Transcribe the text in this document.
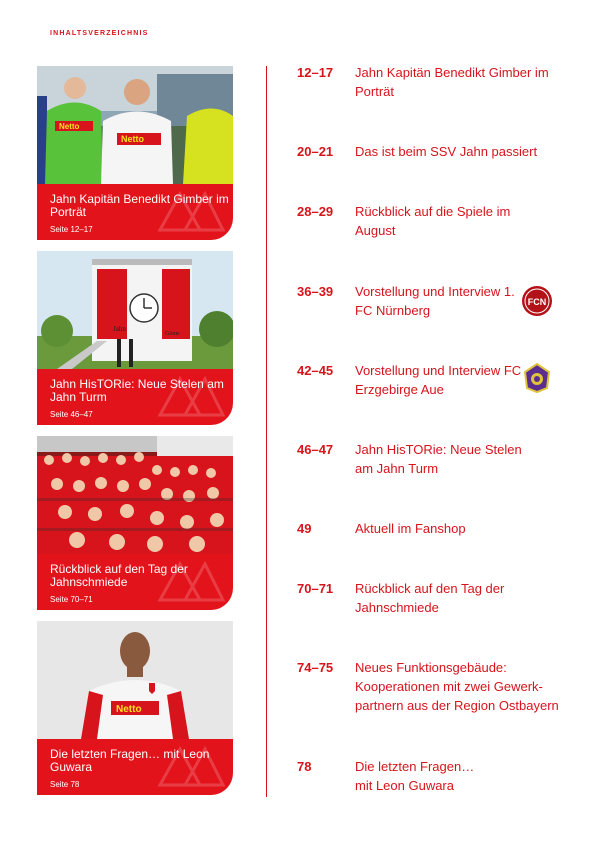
INHALTSVERZEICHNIS
Netto
Netto
Jahn Kapitän Benedikt Gimber im Porträt
Seite 12–17
Jahn
Gönie
Jahn HisTORie: Neue Stelen am Jahn Turm
Seite 46–47
Rückblick auf den Tag der Jahnschmiede
Seite 70–71
Netto
Die letzten Fragen… mit Leon Guwara
Seite 78
12–17 Jahn Kapitän Benedikt Gimber im Porträt
20–21 Das ist beim SSV Jahn passiert
28–29 Rückblick auf die Spiele im August
36–39 Vorstellung und Interview 1. FC Nürnberg
FCN
42–45 Vorstellung und Interview FC Erzgebirge Aue
46–47 Jahn HisTORie: Neue Stelen am Jahn Turm
49	Aktuell im Fanshop
70–71 Rückblick auf den Tag der Jahnschmiede
74–75 Neues Funktionsgebäude: Kooperationen mit zwei Gewerkpartnern aus der Region Ostbayern
78	Die letzten Fragen… mit Leon Guwara
